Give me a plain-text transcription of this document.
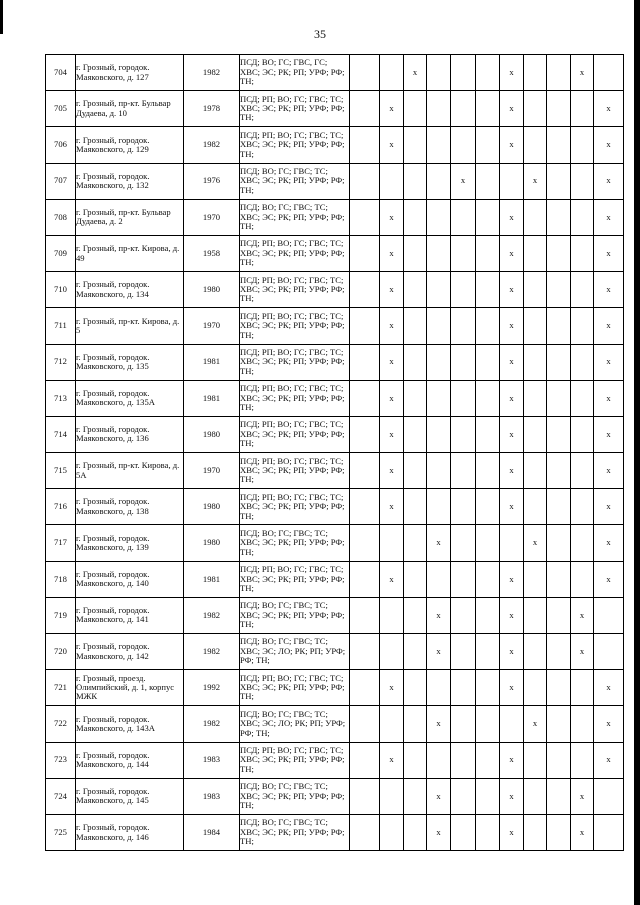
35
704	г. Грозный, городок. Маяковского, д. 127	1982	ПСД; ВО; ГС; ГВС, ГС; ХВС; ЭС; РК; РП; УРФ; РФ; ТН;			x				x			x	
705	г. Грозный, пр-кт. Бульвар Дудаева, д. 10	1978	ПСД; РП; ВО; ГС; ГВС; ТС; ХВС; ЭС; РК; РП; УРФ; РФ; ТН;		x					x				x
706	г. Грозный, городок. Маяковского, д. 129	1982	ПСД; РП; ВО; ГС; ГВС; ТС; ХВС; ЭС; РК; РП; УРФ; РФ; ТН;		x					x				x
707	г. Грозный, городок. Маяковского, д. 132	1976	ПСД; ВО; ГС; ГВС; ТС; ХВС; ЭС; РК; РП; УРФ; РФ; ТН;					x			x			x
708	г. Грозный, пр-кт. Бульвар Дудаева, д. 2	1970	ПСД; ВО; ГС; ГВС; ТС; ХВС; ЭС; РК; РП; УРФ; РФ; ТН;		x					x				x
709	г. Грозный, пр-кт. Кирова, д. 49	1958	ПСД; РП; ВО; ГС; ГВС; ТС; ХВС; ЭС; РК; РП; УРФ; РФ; ТН;		x					x				x
710	г. Грозный, городок. Маяковского, д. 134	1980	ПСД; РП; ВО; ГС; ГВС; ТС; ХВС; ЭС; РК; РП; УРФ; РФ; ТН;		x					x				x
711	г. Грозный, пр-кт. Кирова, д. 5	1970	ПСД; РП; ВО; ГС; ГВС; ТС; ХВС; ЭС; РК; РП; УРФ; РФ; ТН;		x					x				x
712	г. Грозный, городок. Маяковского, д. 135	1981	ПСД; РП; ВО; ГС; ГВС; ТС; ХВС; ЭС; РК; РП; УРФ; РФ; ТН;		x					x				x
713	г. Грозный, городок. Маяковского, д. 135А	1981	ПСД; РП; ВО; ГС; ГВС; ТС; ХВС; ЭС; РК; РП; УРФ; РФ; ТН;		x					x				x
714	г. Грозный, городок. Маяковского, д. 136	1980	ПСД; РП; ВО; ГС; ГВС; ТС; ХВС; ЭС; РК; РП; УРФ; РФ; ТН;		x					x				x
715	г. Грозный, пр-кт. Кирова, д. 5А	1970	ПСД; РП; ВО; ГС; ГВС; ТС; ХВС; ЭС; РК; РП; УРФ; РФ; ТН;		x					x				x
716	г. Грозный, городок. Маяковского, д. 138	1980	ПСД; РП; ВО; ГС; ГВС; ТС; ХВС; ЭС; РК; РП; УРФ; РФ; ТН;		x					x				x
717	г. Грозный, городок. Маяковского, д. 139	1980	ПСД; ВО; ГС; ГВС; ТС; ХВС; ЭС; РК; РП; УРФ; РФ; ТН;				x				x			x
718	г. Грозный, городок. Маяковского, д. 140	1981	ПСД; РП; ВО; ГС; ГВС; ТС; ХВС; ЭС; РК; РП; УРФ; РФ; ТН;		x					x				x
719	г. Грозный, городок. Маяковского, д. 141	1982	ПСД; ВО; ГС; ГВС; ТС; ХВС; ЭС; РК; РП; УРФ; РФ; ТН;				x			x			x	
720	г. Грозный, городок. Маяковского, д. 142	1982	ПСД; ВО; ГС; ГВС; ТС; ХВС; ЭС; ЛО; РК; РП; УРФ; РФ; ТН;				x			x			x	
721	г. Грозный, проезд. Олимпийский, д. 1, корпус МЖК	1992	ПСД; РП; ВО; ГС; ГВС; ТС; ХВС; ЭС; РК; РП; УРФ; РФ; ТН;		x					x				x
722	г. Грозный, городок. Маяковского, д. 143А	1982	ПСД; ВО; ГС; ГВС; ТС; ХВС; ЭС; ЛО; РК; РП; УРФ; РФ; ТН;				x				x			x
723	г. Грозный, городок. Маяковского, д. 144	1983	ПСД; РП; ВО; ГС; ГВС; ТС; ХВС; ЭС; РК; РП; УРФ; РФ; ТН;		x					x				x
724	г. Грозный, городок. Маяковского, д. 145	1983	ПСД; ВО; ГС; ГВС; ТС; ХВС; ЭС; РК; РП; УРФ; РФ; ТН;				x			x			x	
725	г. Грозный, городок. Маяковского, д. 146	1984	ПСД; ВО; ГС; ГВС; ТС; ХВС; ЭС; РК; РП; УРФ; РФ; ТН;				x			x			x	
